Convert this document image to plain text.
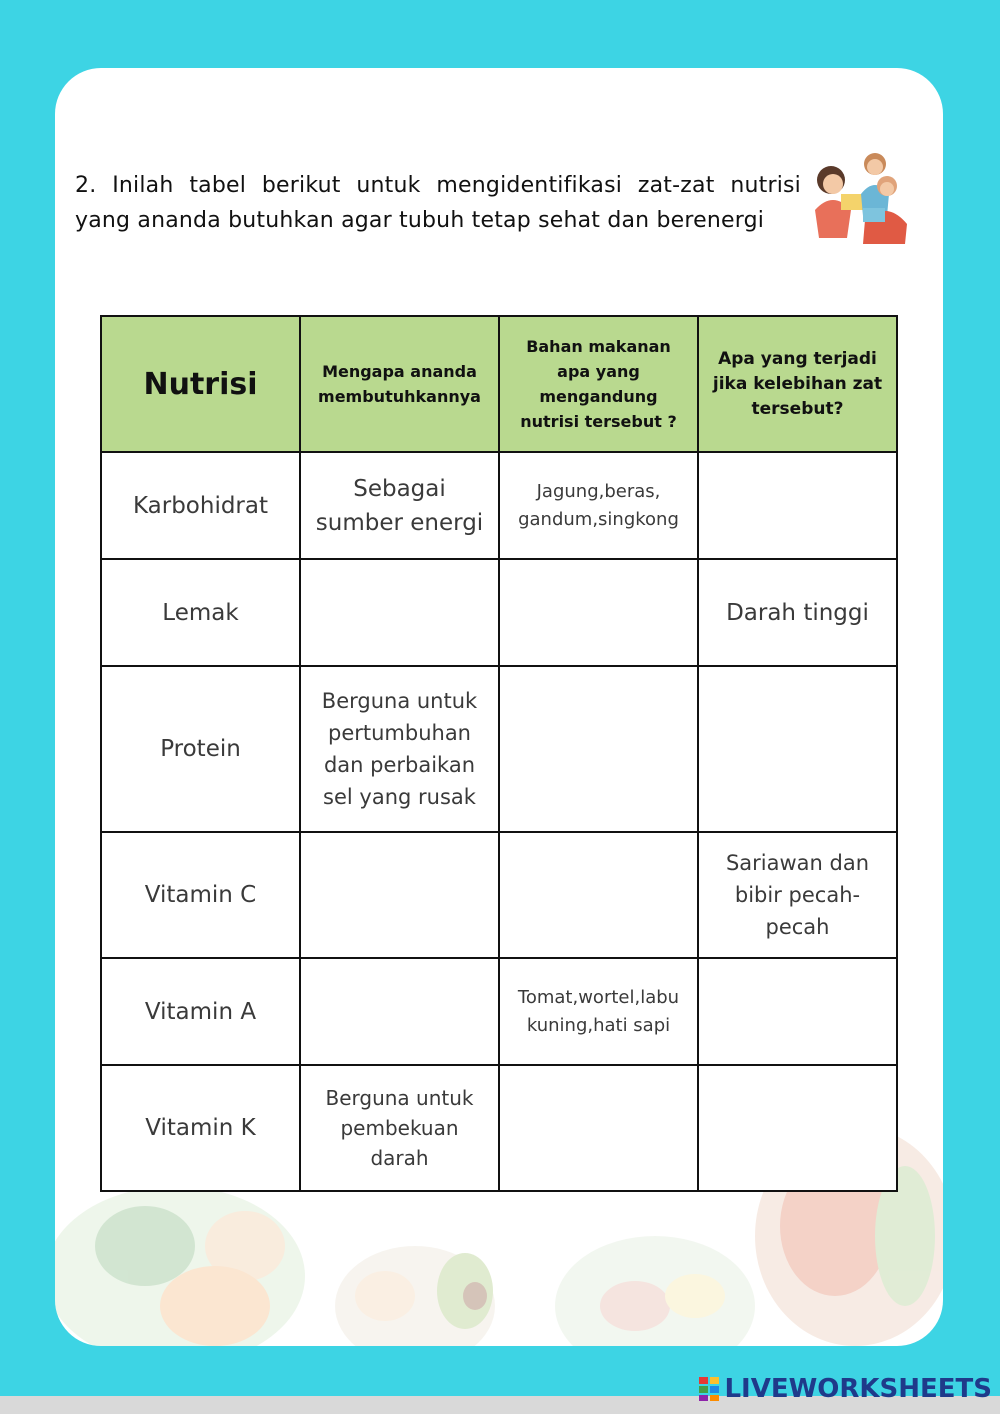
2. Inilah tabel berikut untuk mengidentifikasi zat-zat nutrisi yang ananda butuhkan agar tubuh tetap sehat dan berenergi

Nutrisi	Mengapa ananda membutuhkannya	Bahan makanan apa yang mengandung nutrisi tersebut ?	Apa yang terjadi jika kelebihan zat tersebut?
Karbohidrat	Sebagai sumber energi	Jagung,beras, gandum,singkong	
Lemak			Darah tinggi
Protein	Berguna untuk pertumbuhan dan perbaikan sel yang rusak		
Vitamin C			Sariawan dan bibir pecah-pecah
Vitamin A		Tomat,wortel,labu kuning,hati sapi	
Vitamin K	Berguna untuk pembekuan darah		
LIVEWORKSHEETS
